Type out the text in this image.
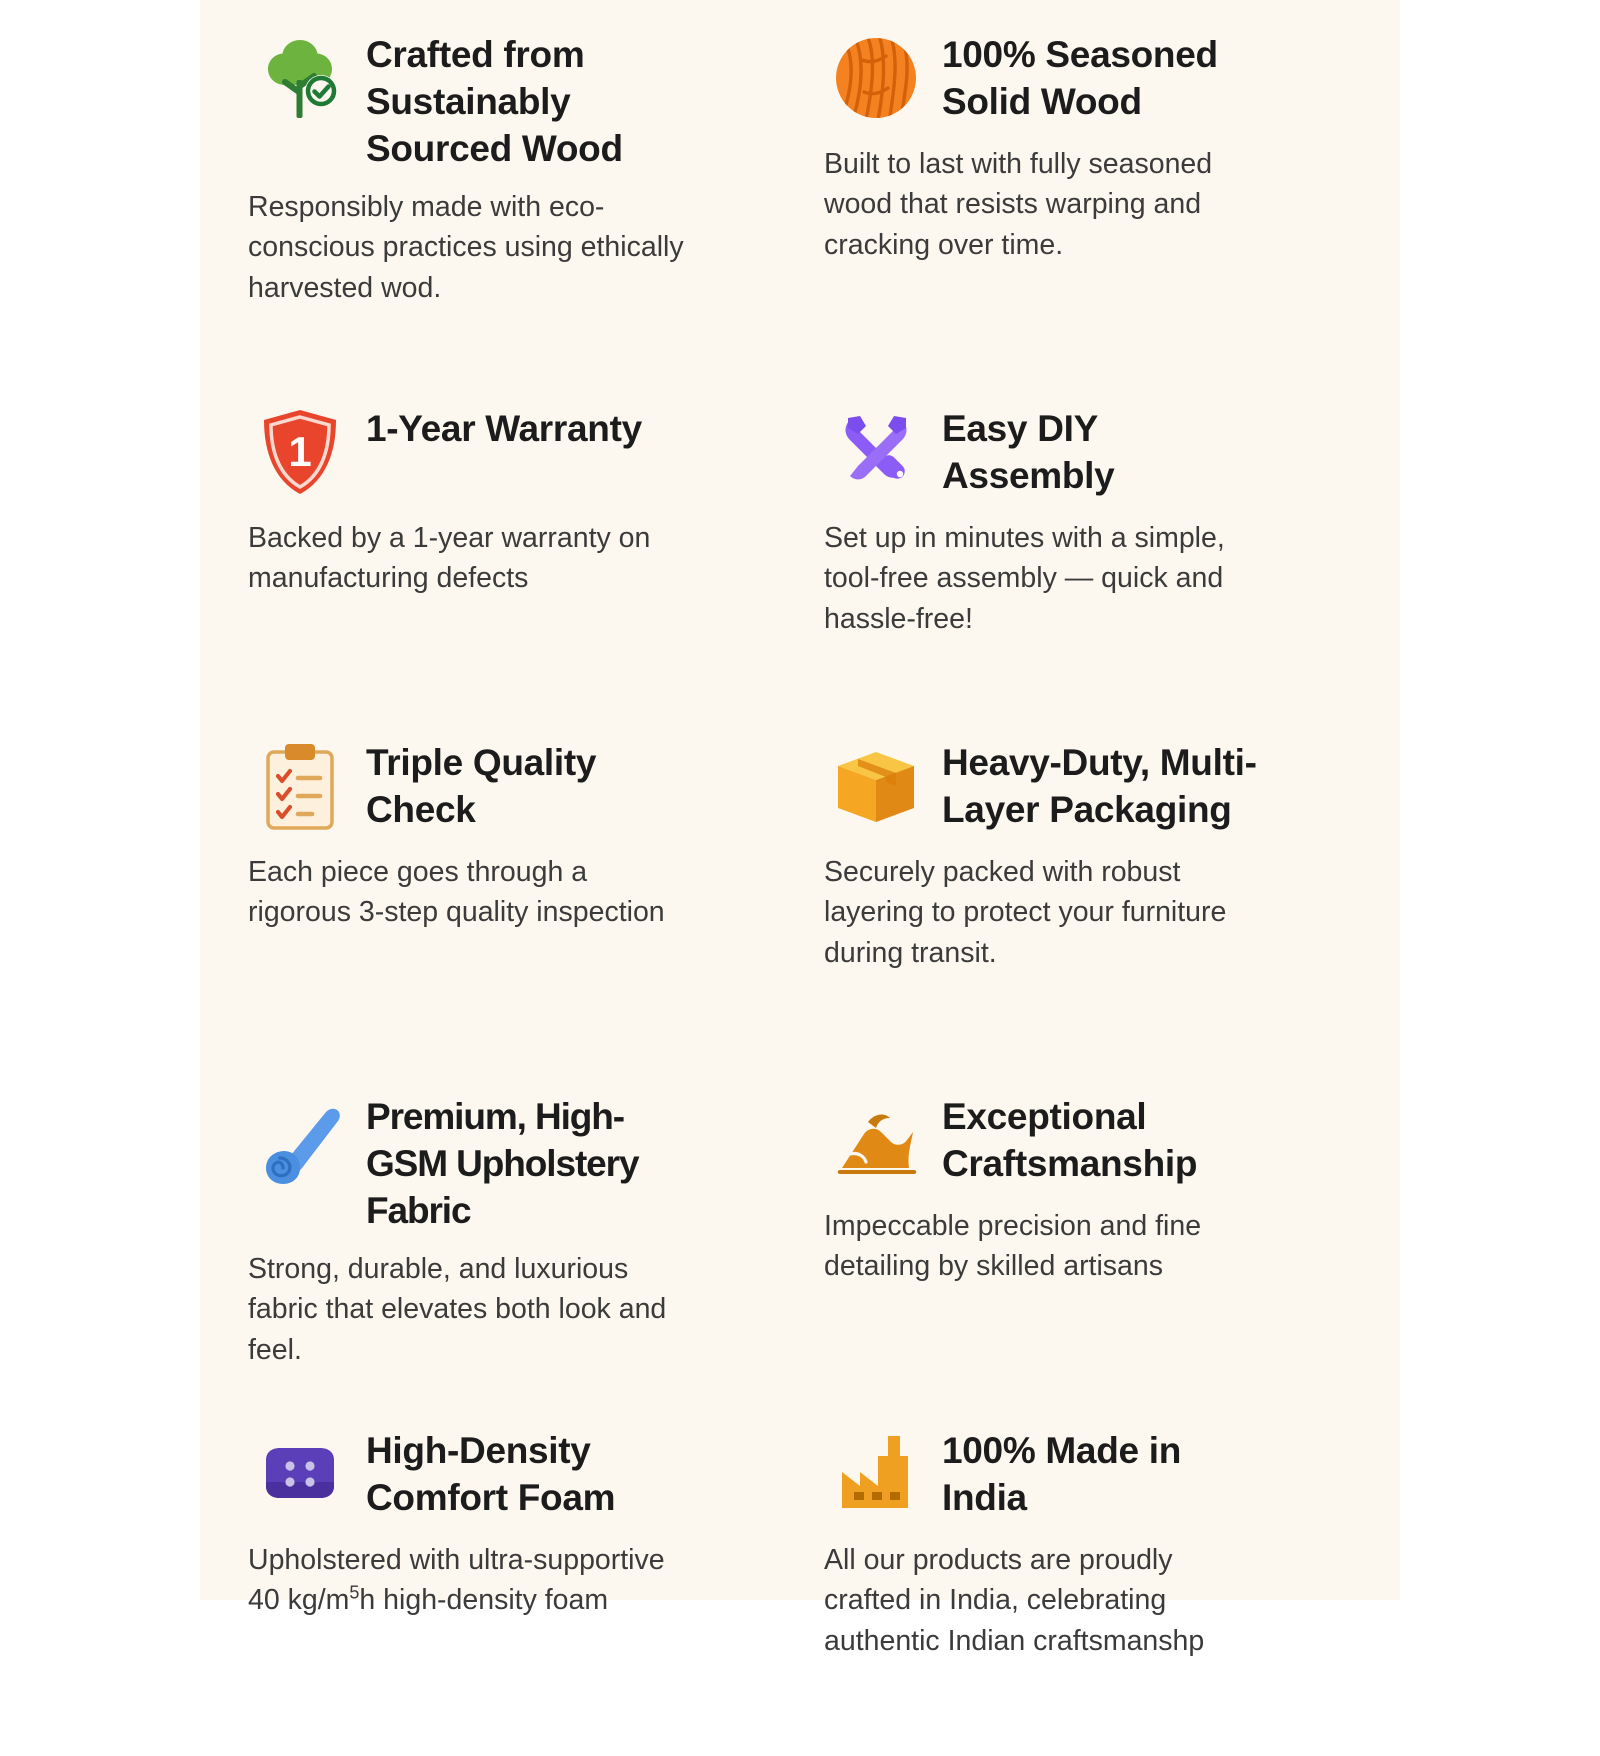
Crafted from Sustainably Sourced Wood
Responsibly made with eco-conscious practices using ethically harvested wod.
100% Seasoned Solid Wood
Built to last with fully seasoned wood that resists warping and cracking over time.
1 1-Year Warranty
Backed by a 1-year warranty on manufacturing defects
Easy DIY Assembly
Set up in minutes with a simple, tool-free assembly — quick and hassle-free!
Triple Quality Check
Each piece goes through a rigorous 3-step quality inspection
Heavy-Duty, Multi-Layer Packaging
Securely packed with robust layering to protect your furniture during transit.
Premium, High-GSM Upholstery Fabric
Strong, durable, and luxurious fabric that elevates both look and feel.
Exceptional Craftsmanship
Impeccable precision and fine detailing by skilled artisans
High-Density Comfort Foam
Upholstered with ultra-supportive 40 $kg/m^5h$ high-density foam
100% Made in India
All our products are proudly crafted in India, celebrating authentic Indian craftsmanshp
